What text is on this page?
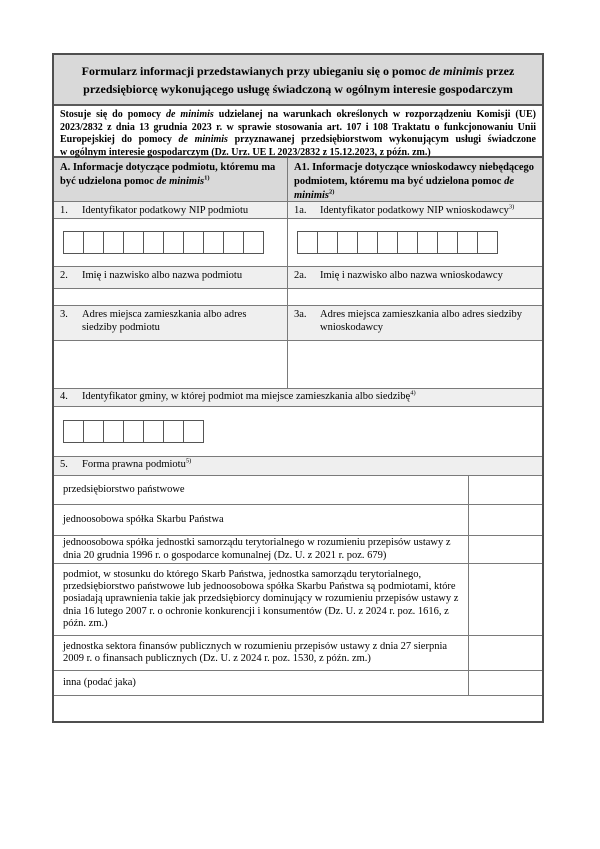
Formularz informacji przedstawianych przy ubieganiu się o pomoc de minimis przez
przedsiębiorcę wykonującego usługę świadczoną w ogólnym interesie gospodarczym
Stosuje się do pomocy de minimis udzielanej na warunkach określonych w rozporządzeniu Komisji (UE)
2023/2832 z dnia 13 grudnia 2023 r. w sprawie stosowania art. 107 i 108 Traktatu o funkcjonowaniu Unii
Europejskiej do pomocy de minimis przyznawanej przedsiębiorstwom wykonującym usługi świadczone
w ogólnym interesie gospodarczym (Dz. Urz. UE L 2023/2832 z 15.12.2023, z późn. zm.)
A. Informacje dotyczące podmiotu, któremu ma być udzielona pomoc de minimis$^{1)}$
A1. Informacje dotyczące wnioskodawcy niebędącego podmiotem, któremu ma być udzielona pomoc de minimis$^{2)}$
1.	Identyfikator podatkowy NIP podmiotu	1a.	Identyfikator podatkowy NIP wnioskodawcy$^{3)}$
2.	Imię i nazwisko albo nazwa podmiotu	2a.	Imię i nazwisko albo nazwa wnioskodawcy
3.	Adres miejsca zamieszkania albo adres siedziby podmiotu
3a.	Adres miejsca zamieszkania albo adres siedziby wnioskodawcy
4.	Identyfikator gminy, w której podmiot ma miejsce zamieszkania albo siedzibę$^{4)}$
5.	Forma prawna podmiotu$^{5)}$
przedsiębiorstwo państwowe
jednoosobowa spółka Skarbu Państwa
jednoosobowa spółka jednostki samorządu terytorialnego w rozumieniu przepisów ustawy z dnia 20 grudnia 1996 r. o gospodarce komunalnej (Dz. U. z 2021 r. poz. 679)
podmiot, w stosunku do którego Skarb Państwa, jednostka samorządu terytorialnego, przedsiębiorstwo państwowe lub jednoosobowa spółka Skarbu Państwa są podmiotami, które posiadają uprawnienia takie jak przedsiębiorcy dominujący w rozumieniu przepisów ustawy z dnia 16 lutego 2007 r. o ochronie konkurencji i konsumentów (Dz. U. z 2024 r. poz. 1616, z późn. zm.)
jednostka sektora finansów publicznych w rozumieniu przepisów ustawy z dnia 27 sierpnia 2009 r. o finansach publicznych (Dz. U. z 2024 r. poz. 1530, z późn. zm.)
inna (podać jaka)
